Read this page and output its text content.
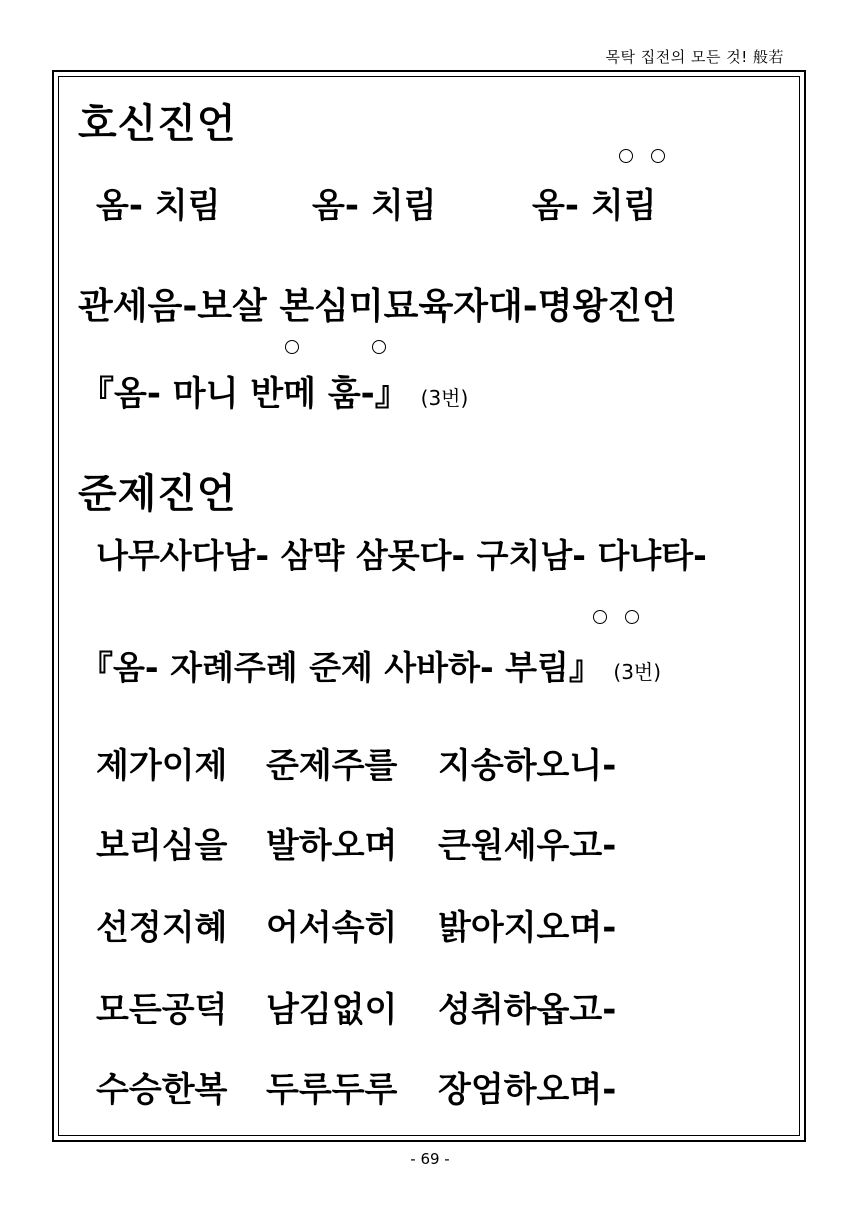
목탁 집전의 모든 것! 般若
호신진언
옴- 치림	옴- 치림	옴- 치림
관세음-보살 본심미묘육자대-명왕진언
『옴- 마니 반메 훔-』 (3번)
준제진언
나무사다남- 삼먁 삼못다- 구치남- 다냐타-
『옴- 자례주례 준제 사바하- 부림』 (3번)
제가이제 준제주를 지송하오니-
보리심을 발하오며 큰원세우고-
선정지혜 어서속히 밝아지오며-
모든공덕 남김없이 성취하옵고-
수승한복 두루두루 장엄하오며-
- 69 -
